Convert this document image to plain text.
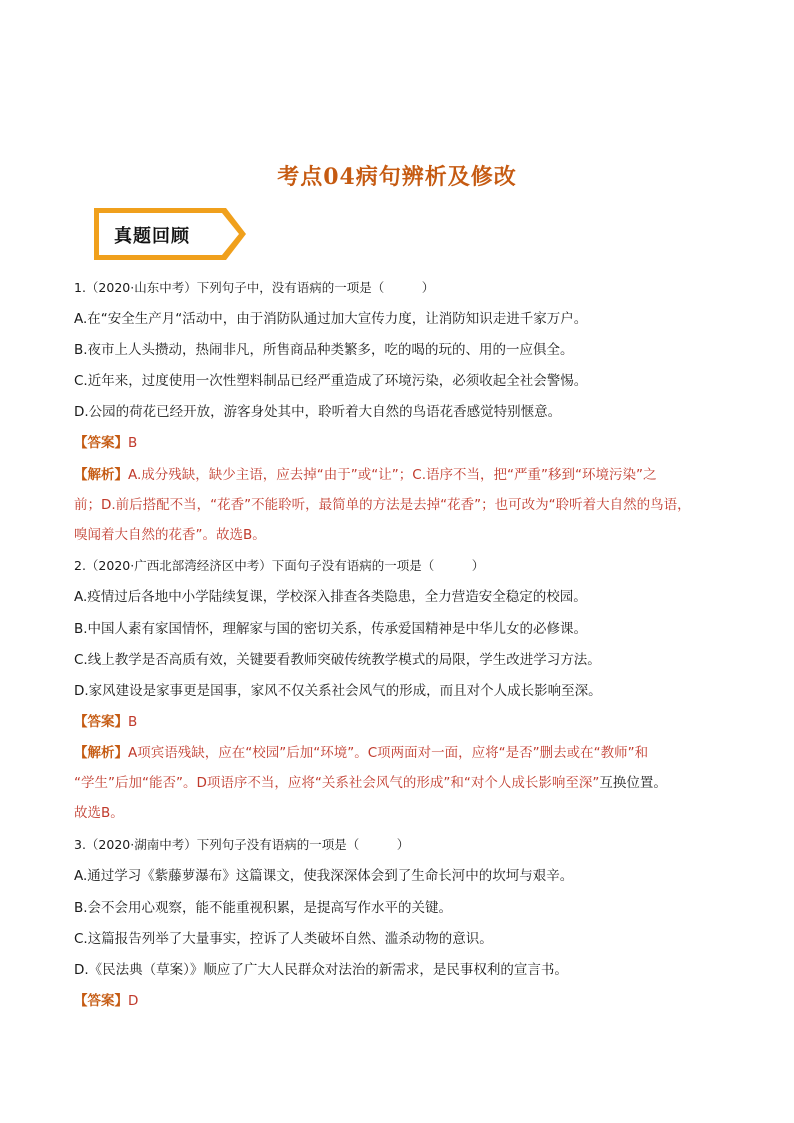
考点04病句辨析及修改
真题回顾
1.（2020·山东中考）下列句子中，没有语病的一项是（　　　）
A.在“安全生产月“活动中，由于消防队通过加大宣传力度，让消防知识走进千家万户。
B.夜市上人头攒动，热闹非凡，所售商品种类繁多，吃的喝的玩的、用的一应俱全。
C.近年来，过度使用一次性塑料制品已经严重造成了环境污染，必须收起全社会警惕。
D.公园的荷花已经开放，游客身处其中，聆听着大自然的鸟语花香感觉特别惬意。
【答案】B
【解析】A.成分残缺，缺少主语，应去掉“由于”或“让”；C.语序不当，把“严重”移到“环境污染”之
前；D.前后搭配不当，“花香”不能聆听，最简单的方法是去掉“花香”；也可改为“聆听着大自然的鸟语，
嗅闻着大自然的花香”。故选B。
2.（2020·广西北部湾经济区中考）下面句子没有语病的一项是（　　　）
A.疫情过后各地中小学陆续复课，学校深入排查各类隐患，全力营造安全稳定的校园。
B.中国人素有家国情怀，理解家与国的密切关系，传承爱国精神是中华儿女的必修课。
C.线上教学是否高质有效，关键要看教师突破传统教学模式的局限，学生改进学习方法。
D.家风建设是家事更是国事，家风不仅关系社会风气的形成，而且对个人成长影响至深。
【答案】B
【解析】A项宾语残缺，应在“校园”后加“环境”。C项两面对一面，应将“是否”删去或在“教师”和
“学生”后加“能否”。D项语序不当，应将“关系社会风气的形成”和“对个人成长影响至深”互换位置。
故选B。
3.（2020·湖南中考）下列句子没有语病的一项是（　　　）
A.通过学习《紫藤萝瀑布》这篇课文，使我深深体会到了生命长河中的坎坷与艰辛。
B.会不会用心观察，能不能重视积累，是提高写作水平的关键。
C.这篇报告列举了大量事实，控诉了人类破坏自然、滥杀动物的意识。
D.《民法典（草案）》顺应了广大人民群众对法治的新需求，是民事权利的宣言书。
【答案】D
